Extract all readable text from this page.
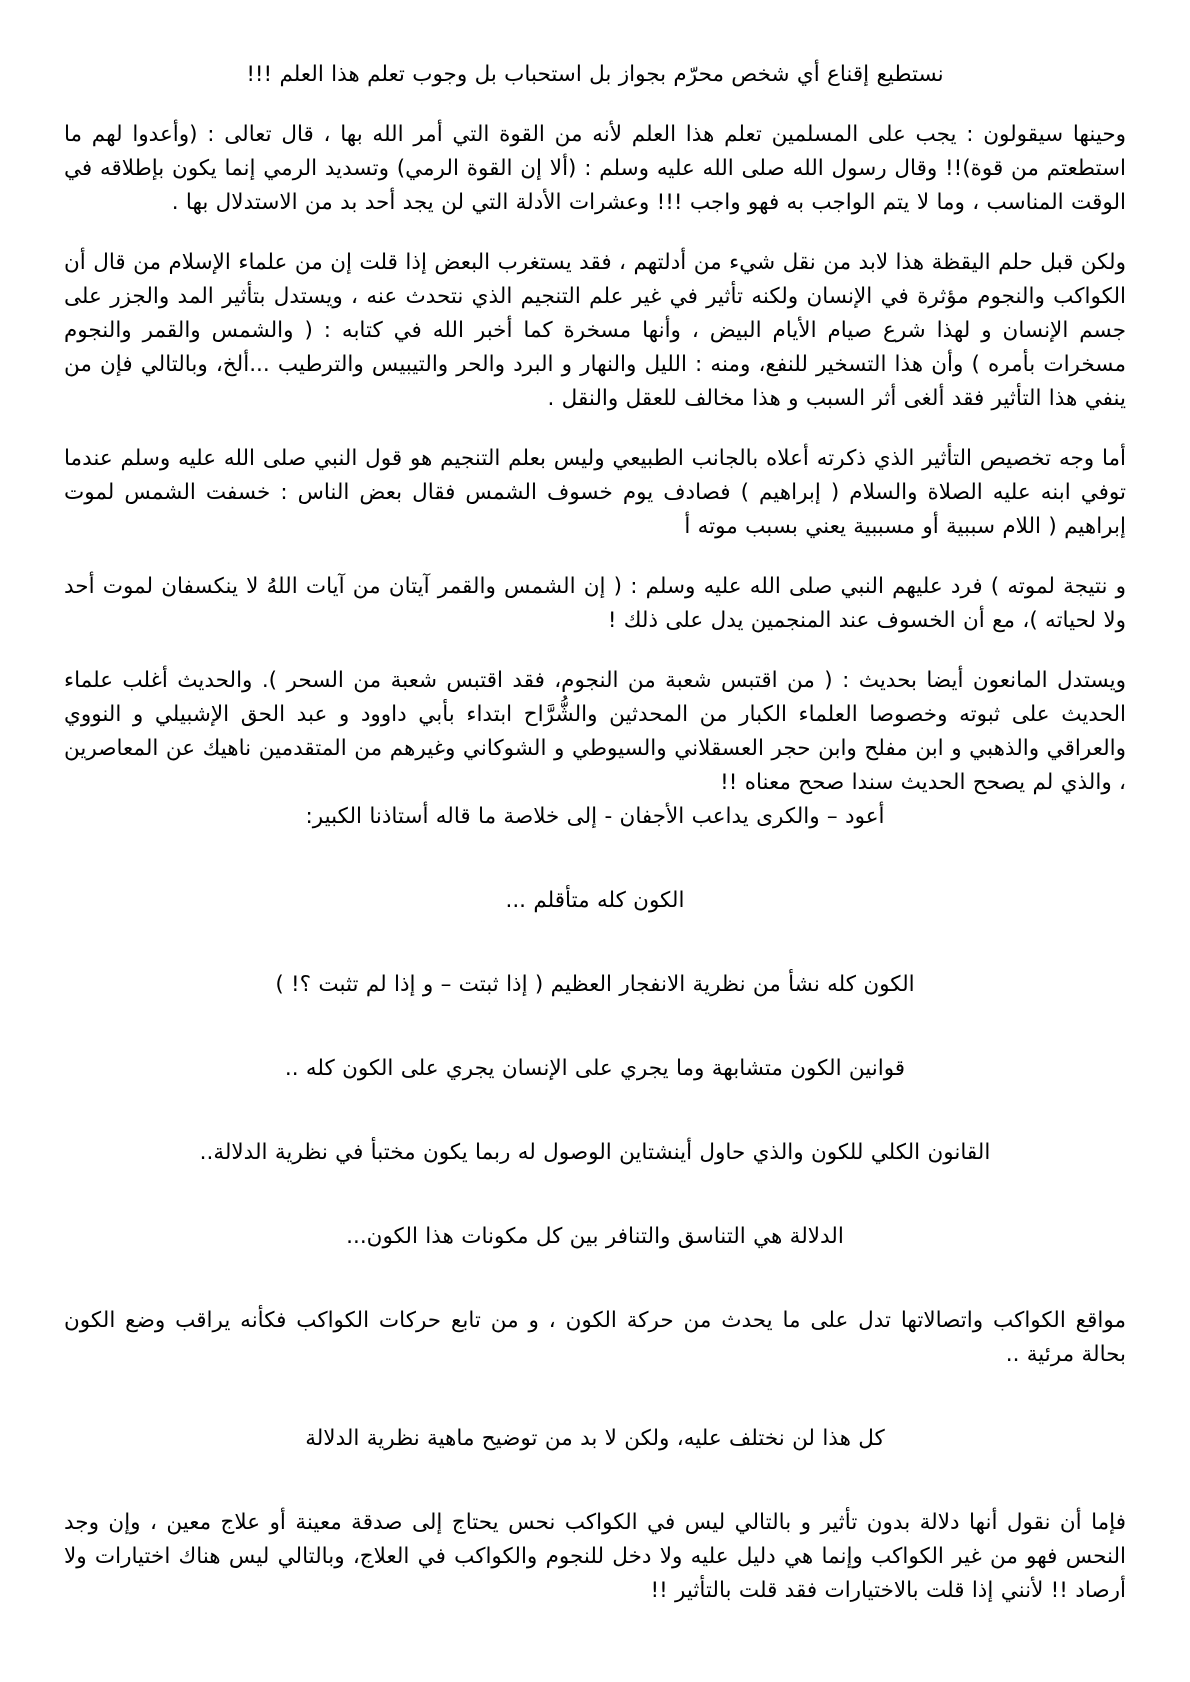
نستطيع إقناع أي شخص محرّم بجواز بل استحباب بل وجوب تعلم هذا العلم !!!

وحينها سيقولون : يجب على المسلمين تعلم هذا العلم لأنه من القوة التي أمر الله بها ، قال تعالى : (وأعدوا لهم ما استطعتم من قوة)!! وقال رسول الله صلى الله عليه وسلم : (ألا إن القوة الرمي) وتسديد الرمي إنما يكون بإطلاقه في الوقت المناسب ، وما لا يتم الواجب به فهو واجب !!! وعشرات الأدلة التي لن يجد أحد بد من الاستدلال بها .

ولكن قبل حلم اليقظة هذا لابد من نقل شيء من أدلتهم ، فقد يستغرب البعض إذا قلت إن من علماء الإسلام من قال أن الكواكب والنجوم مؤثرة في الإنسان ولكنه تأثير في غير علم التنجيم الذي نتحدث عنه ، ويستدل بتأثير المد والجزر على جسم الإنسان و لهذا شرع صيام الأيام البيض ، وأنها مسخرة كما أخبر الله في كتابه : ( والشمس والقمر والنجوم مسخرات بأمره ) وأن هذا التسخير للنفع، ومنه : الليل والنهار و البرد والحر والتيبيس والترطيب ...ألخ، وبالتالي فإن من ينفي هذا التأثير فقد ألغى أثر السبب و هذا مخالف للعقل والنقل .

أما وجه تخصيص التأثير الذي ذكرته أعلاه بالجانب الطبيعي وليس بعلم التنجيم هو قول النبي صلى الله عليه وسلم عندما توفي ابنه عليه الصلاة والسلام ( إبراهيم ) فصادف يوم خسوف الشمس فقال بعض الناس : خسفت الشمس لموت إبراهيم ( اللام سببية أو مسببية يعني بسبب موته أ

و نتيجة لموته ) فرد عليهم النبي صلى الله عليه وسلم : ( إن الشمس والقمر آيتان من آيات اللهُ لا ينكسفان لموت أحد ولا لحياته )، مع أن الخسوف عند المنجمين يدل على ذلك !

ويستدل المانعون أيضا بحديث : ( من اقتبس شعبة من النجوم، فقد اقتبس شعبة من السحر ). والحديث أغلب علماء الحديث على ثبوته وخصوصا العلماء الكبار من المحدثين والشُّرَّاح ابتداء بأبي داوود و عبد الحق الإشبيلي و النووي والعراقي والذهبي و ابن مفلح وابن حجر العسقلاني والسيوطي و الشوكاني وغيرهم من المتقدمين ناهيك عن المعاصرين ، والذي لم يصحح الحديث سندا صحح معناه !!

أعود – والكرى يداعب الأجفان - إلى خلاصة ما قاله أستاذنا الكبير:

الكون كله متأقلم ...

الكون كله نشأ من نظرية الانفجار العظيم ( إذا ثبتت – و إذا لم تثبت ؟! )

قوانين الكون متشابهة وما يجري على الإنسان يجري على الكون كله ..

القانون الكلي للكون والذي حاول أينشتاين الوصول له ربما يكون مختبأ في نظرية الدلالة..

الدلالة هي التناسق والتنافر بين كل مكونات هذا الكون...

مواقع الكواكب واتصالاتها تدل على ما يحدث من حركة الكون ، و من تابع حركات الكواكب فكأنه يراقب وضع الكون بحالة مرئية ..

كل هذا لن نختلف عليه، ولكن لا بد من توضيح ماهية نظرية الدلالة

فإما أن نقول أنها دلالة بدون تأثير و بالتالي ليس في الكواكب نحس يحتاج إلى صدقة معينة أو علاج معين ، وإن وجد النحس فهو من غير الكواكب وإنما هي دليل عليه ولا دخل للنجوم والكواكب في العلاج، وبالتالي ليس هناك اختيارات ولا أرصاد !! لأنني إذا قلت بالاختيارات فقد قلت بالتأثير !!
